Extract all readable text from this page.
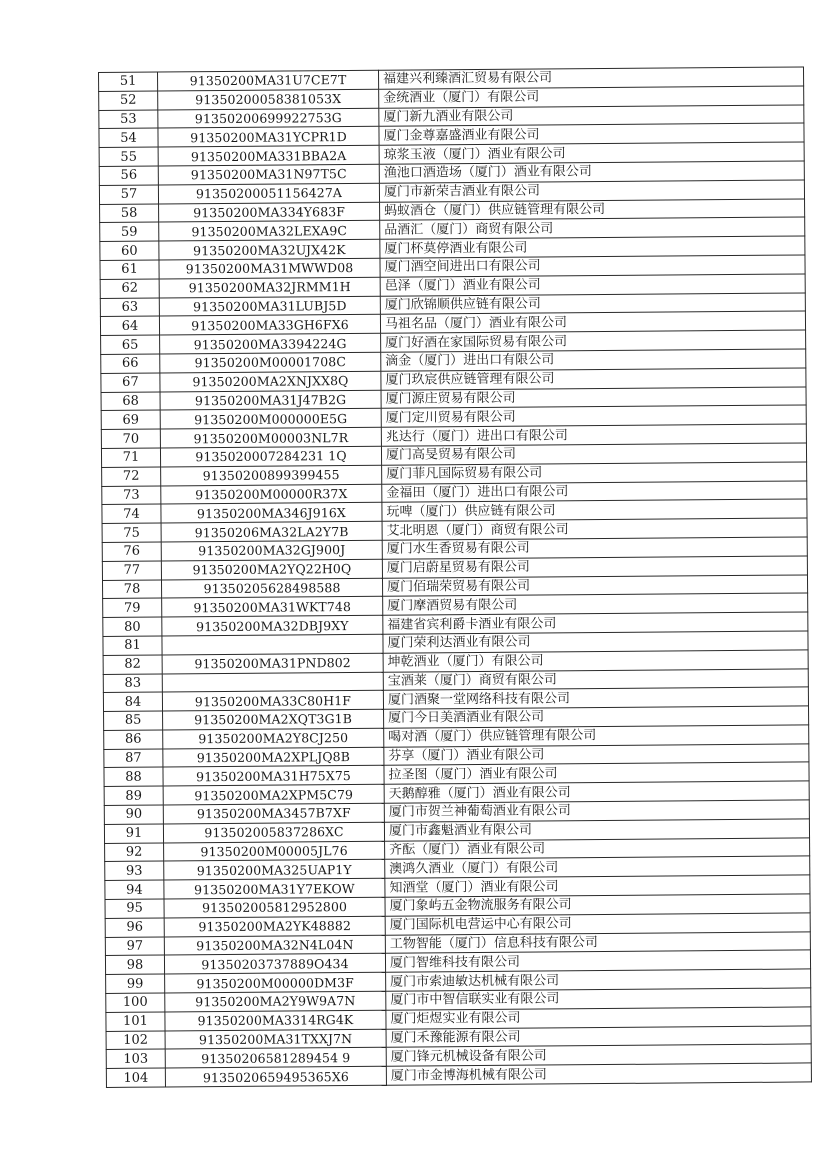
51	91350200MA31U7CE7T	福建兴利臻酒汇贸易有限公司
52	91350200058381053X	金统酒业（厦门）有限公司
53	91350200699922753G	厦门新九酒业有限公司
54	91350200MA31YCPR1D	厦门金尊嘉盛酒业有限公司
55	91350200MA331BBA2A	琼浆玉液（厦门）酒业有限公司
56	91350200MA31N97T5C	渔池口酒造场（厦门）酒业有限公司
57	91350200051156427A	厦门市新荣吉酒业有限公司
58	91350200MA334Y683F	蚂蚁酒仓（厦门）供应链管理有限公司
59	91350200MA32LEXA9C	品酒汇（厦门）商贸有限公司
60	91350200MA32UJX42K	厦门杯莫停酒业有限公司
61	91350200MA31MWWD08	厦门酒空间进出口有限公司
62	91350200MA32JRMM1H	邑泽（厦门）酒业有限公司
63	91350200MA31LUBJ5D	厦门欣锦顺供应链有限公司
64	91350200MA33GH6FX6	马祖名品（厦门）酒业有限公司
65	91350200MA3394224G	厦门好酒在家国际贸易有限公司
66	91350200M00001708C	滴金（厦门）进出口有限公司
67	91350200MA2XNJXX8Q	厦门玖宸供应链管理有限公司
68	91350200MA31J47B2G	厦门源庄贸易有限公司
69	91350200M000000E5G	厦门定川贸易有限公司
70	91350200M00003NL7R	兆达行（厦门）进出口有限公司
71	9135020007284231 1Q	厦门高旻贸易有限公司
72	91350200899399455	厦门菲凡国际贸易有限公司
73	91350200M00000R37X	金福田（厦门）进出口有限公司
74	91350200MA346J916X	玩啤（厦门）供应链有限公司
75	91350206MA32LA2Y7B	艾北明恩（厦门）商贸有限公司
76	91350200MA32GJ900J	厦门水生香贸易有限公司
77	91350200MA2YQ22H0Q	厦门启蔚星贸易有限公司
78	91350205628498588	厦门佰瑞荣贸易有限公司
79	91350200MA31WKT748	厦门摩酒贸易有限公司
80	91350200MA32DBJ9XY	福建省宾利爵卡酒业有限公司
81		厦门荣利达酒业有限公司
82	91350200MA31PND802	坤乾酒业（厦门）有限公司
83		宝酒莱（厦门）商贸有限公司
84	91350200MA33C80H1F	厦门酒聚一堂网络科技有限公司
85	91350200MA2XQT3G1B	厦门今日美酒酒业有限公司
86	91350200MA2Y8CJ250	喝对酒（厦门）供应链管理有限公司
87	91350200MA2XPLJQ8B	芬享（厦门）酒业有限公司
88	91350200MA31H75X75	拉圣图（厦门）酒业有限公司
89	91350200MA2XPM5C79	天鹅醇雅（厦门）酒业有限公司
90	91350200MA3457B7XF	厦门市贺兰神葡萄酒业有限公司
91	913502005837286XC	厦门市鑫魁酒业有限公司
92	91350200M00005JL76	齐酝（厦门）酒业有限公司
93	91350200MA325UAP1Y	澳鸿久酒业（厦门）有限公司
94	91350200MA31Y7EKOW	知酒堂（厦门）酒业有限公司
95	913502005812952800	厦门象屿五金物流服务有限公司
96	91350200MA2YK48882	厦门国际机电营运中心有限公司
97	91350200MA32N4L04N	工物智能（厦门）信息科技有限公司
98	91350203737889O434	厦门智维科技有限公司
99	91350200M00000DM3F	厦门市索迪敏达机械有限公司
100	91350200MA2Y9W9A7N	厦门市中智信联实业有限公司
101	91350200MA3314RG4K	厦门炬煜实业有限公司
102	91350200MA31TXXJ7N	厦门禾豫能源有限公司
103	91350206581289454 9	厦门锋元机械设备有限公司
104	9135020659495365X6	厦门市金博海机械有限公司
